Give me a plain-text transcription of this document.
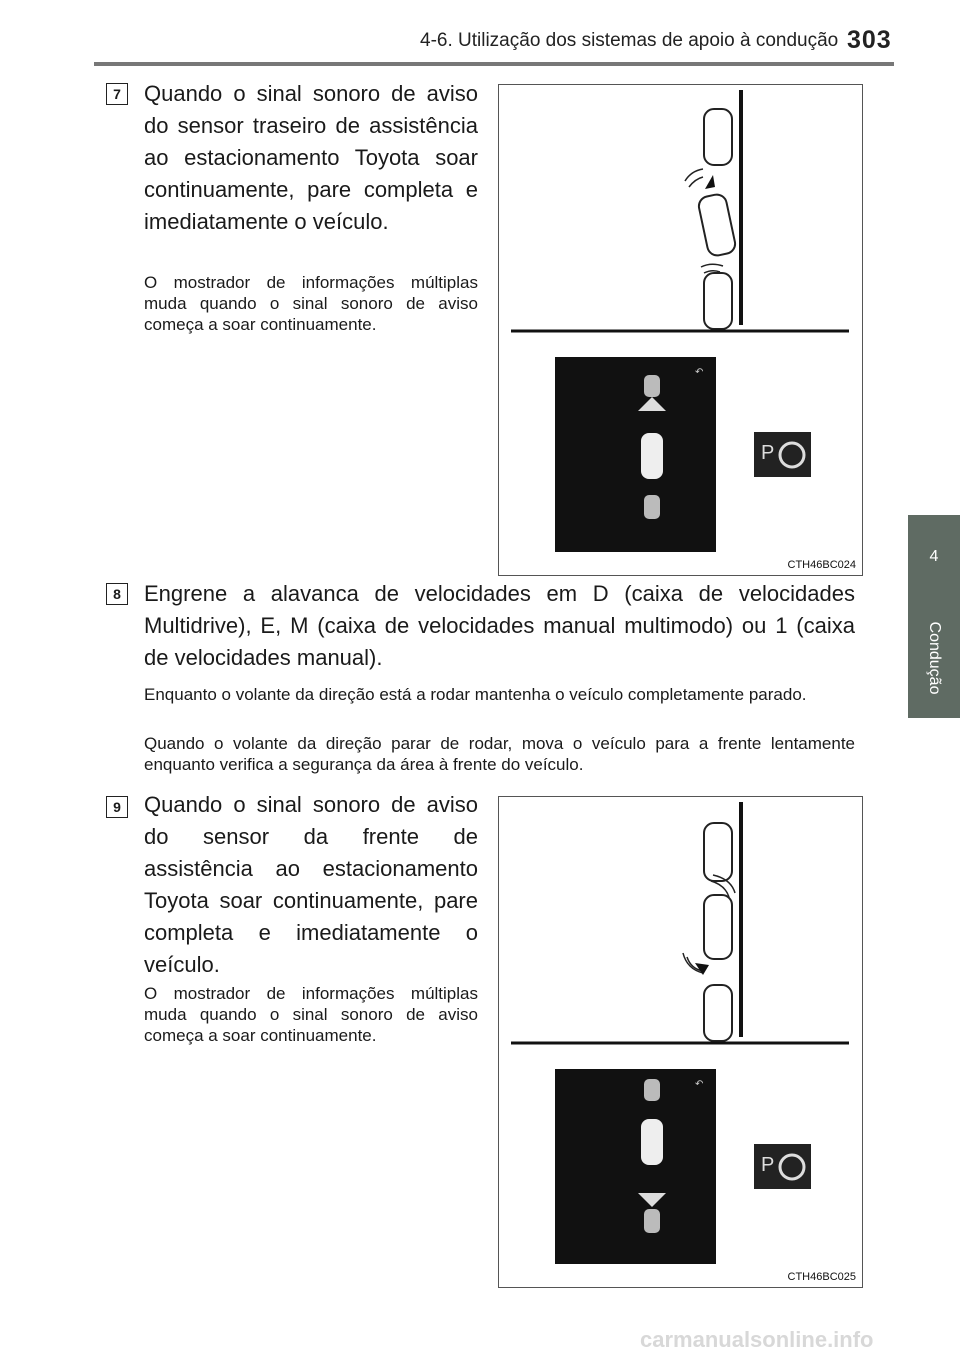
4-6. Utilização dos sistemas de apoio à condução 303
4
Condução
7	Quando o sinal sonoro de aviso do sensor traseiro de assistência ao estacionamento Toyota soar continuamente, pare completa e imediatamente o veículo.
O mostrador de informações múltiplas muda quando o sinal sonoro de aviso começa a soar continuamente.
↶
P
CTH46BC024
8	Engrene a alavanca de velocidades em D (caixa de velocidades Multidrive), E, M (caixa de velocidades manual multimodo) ou 1 (caixa de velocidades manual).
Enquanto o volante da direção está a rodar mantenha o veículo completamente parado.
Quando o volante da direção parar de rodar, mova o veículo para a frente lentamente enquanto verifica a segurança da área à frente do veículo.
9	Quando o sinal sonoro de aviso do sensor da frente de assistência ao estacionamento Toyota soar continuamente, pare completa e imediatamente o veículo.
O mostrador de informações múltiplas muda quando o sinal sonoro de aviso começa a soar continuamente.
↶
P
CTH46BC025
carmanualsonline.info
